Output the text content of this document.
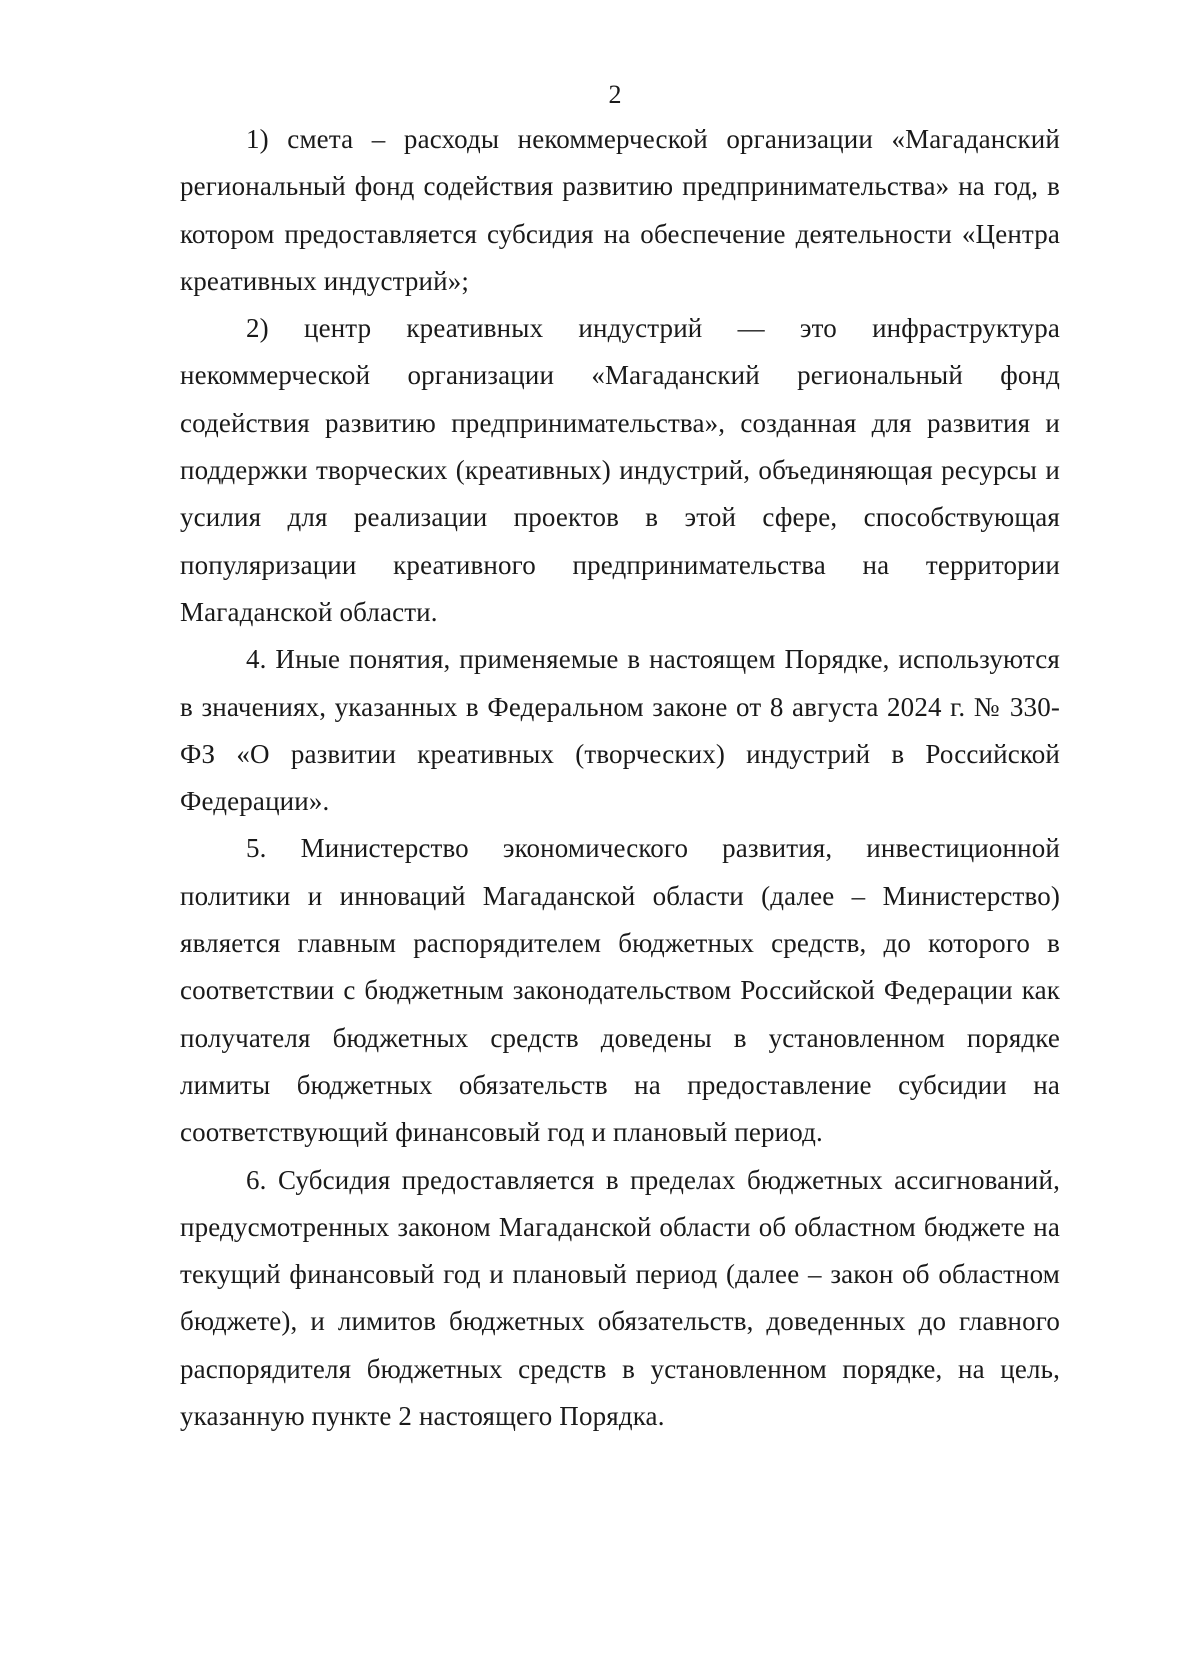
2

1) смета – расходы некоммерческой организации «Магаданский региональный фонд содействия развитию предпринимательства» на год, в котором предоставляется субсидия на обеспечение деятельности «Центра креативных индустрий»;

2) центр креативных индустрий — это инфраструктура некоммерческой организации «Магаданский региональный фонд содействия развитию предпринимательства», созданная для развития и поддержки творческих (креативных) индустрий, объединяющая ресурсы и усилия для реализации проектов в этой сфере, способствующая популяризации креативного предпринимательства на территории Магаданской области.

4. Иные понятия, применяемые в настоящем Порядке, используются в значениях, указанных в Федеральном законе от 8 августа 2024 г. № 330-ФЗ «О развитии креативных (творческих) индустрий в Российской Федерации».

5. Министерство экономического развития, инвестиционной политики и инноваций Магаданской области (далее – Министерство) является главным распорядителем бюджетных средств, до которого в соответствии с бюджетным законодательством Российской Федерации как получателя бюджетных средств доведены в установленном порядке лимиты бюджетных обязательств на предоставление субсидии на соответствующий финансовый год и плановый период.

6. Субсидия предоставляется в пределах бюджетных ассигнований, предусмотренных законом Магаданской области об областном бюджете на текущий финансовый год и плановый период (далее – закон об областном бюджете), и лимитов бюджетных обязательств, доведенных до главного распорядителя бюджетных средств в установленном порядке, на цель, указанную пункте 2 настоящего Порядка.
